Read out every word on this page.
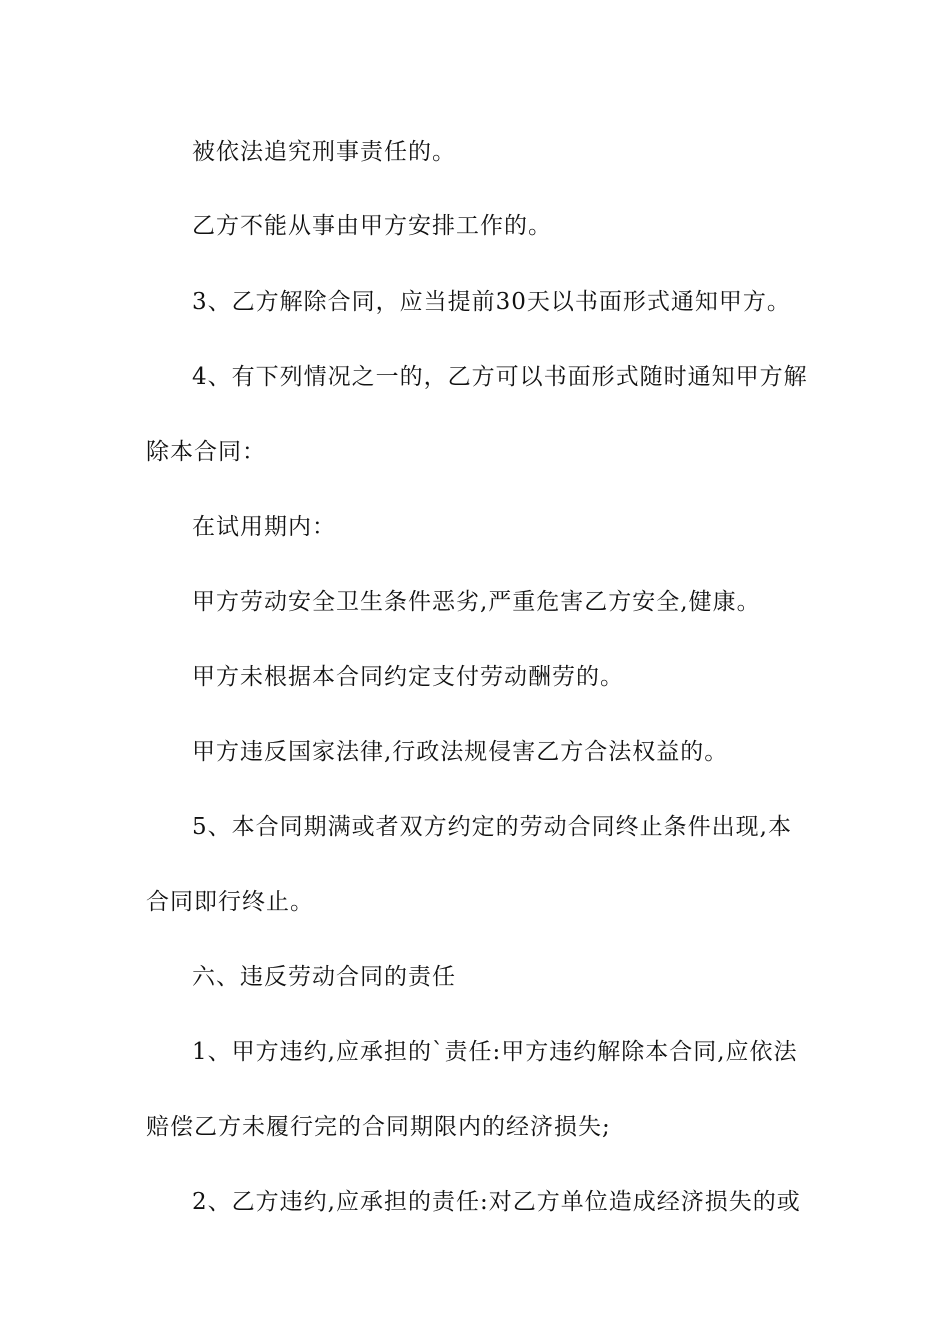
被依法追究刑事责任的。
乙方不能从事由甲方安排工作的。
3、乙方解除合同，应当提前30天以书面形式通知甲方。
4、有下列情况之一的，乙方可以书面形式随时通知甲方解
除本合同：
在试用期内：
甲方劳动安全卫生条件恶劣,严重危害乙方安全,健康。
甲方未根据本合同约定支付劳动酬劳的。
甲方违反国家法律,行政法规侵害乙方合法权益的。
5、本合同期满或者双方约定的劳动合同终止条件出现,本
合同即行终止。
六、违反劳动合同的责任
1、甲方违约,应承担的`责任:甲方违约解除本合同,应依法
赔偿乙方未履行完的合同期限内的经济损失;
2、乙方违约,应承担的责任:对乙方单位造成经济损失的或
